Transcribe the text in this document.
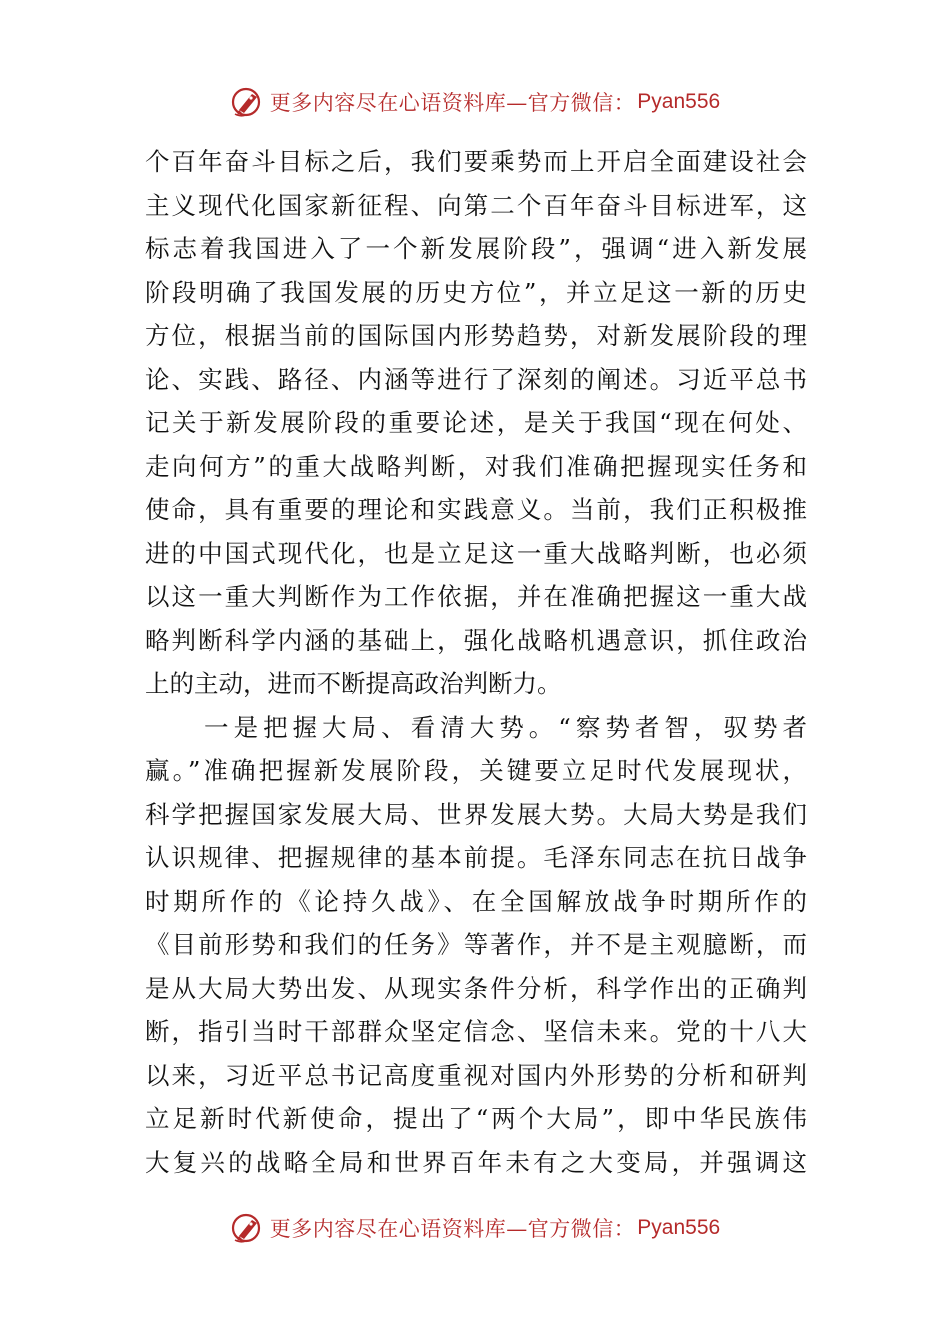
更多内容尽在心语资料库—官方微信： Pyan556
个百年奋斗目标之后，我们要乘势而上开启全面建设社会
主义现代化国家新征程、向第二个百年奋斗目标进军，这
标志着我国进入了一个新发展阶段”，强调“进入新发展
阶段明确了我国发展的历史方位”，并立足这一新的历史
方位，根据当前的国际国内形势趋势，对新发展阶段的理
论、实践、路径、内涵等进行了深刻的阐述。习近平总书
记关于新发展阶段的重要论述，是关于我国“现在何处、
走向何方”的重大战略判断，对我们准确把握现实任务和
使命，具有重要的理论和实践意义。当前，我们正积极推
进的中国式现代化，也是立足这一重大战略判断，也必须
以这一重大判断作为工作依据，并在准确把握这一重大战
略判断科学内涵的基础上，强化战略机遇意识，抓住政治
上的主动，进而不断提高政治判断力。
　　一是把握大局、看清大势。“察势者智，驭势者
赢。”准确把握新发展阶段，关键要立足时代发展现状，
科学把握国家发展大局、世界发展大势。大局大势是我们
认识规律、把握规律的基本前提。毛泽东同志在抗日战争
时期所作的《论持久战》、在全国解放战争时期所作的
《目前形势和我们的任务》等著作，并不是主观臆断，而
是从大局大势出发、从现实条件分析，科学作出的正确判
断，指引当时干部群众坚定信念、坚信未来。党的十八大
以来，习近平总书记高度重视对国内外形势的分析和研判
立足新时代新使命，提出了“两个大局”，即中华民族伟
大复兴的战略全局和世界百年未有之大变局，并强调这
更多内容尽在心语资料库—官方微信： Pyan556
